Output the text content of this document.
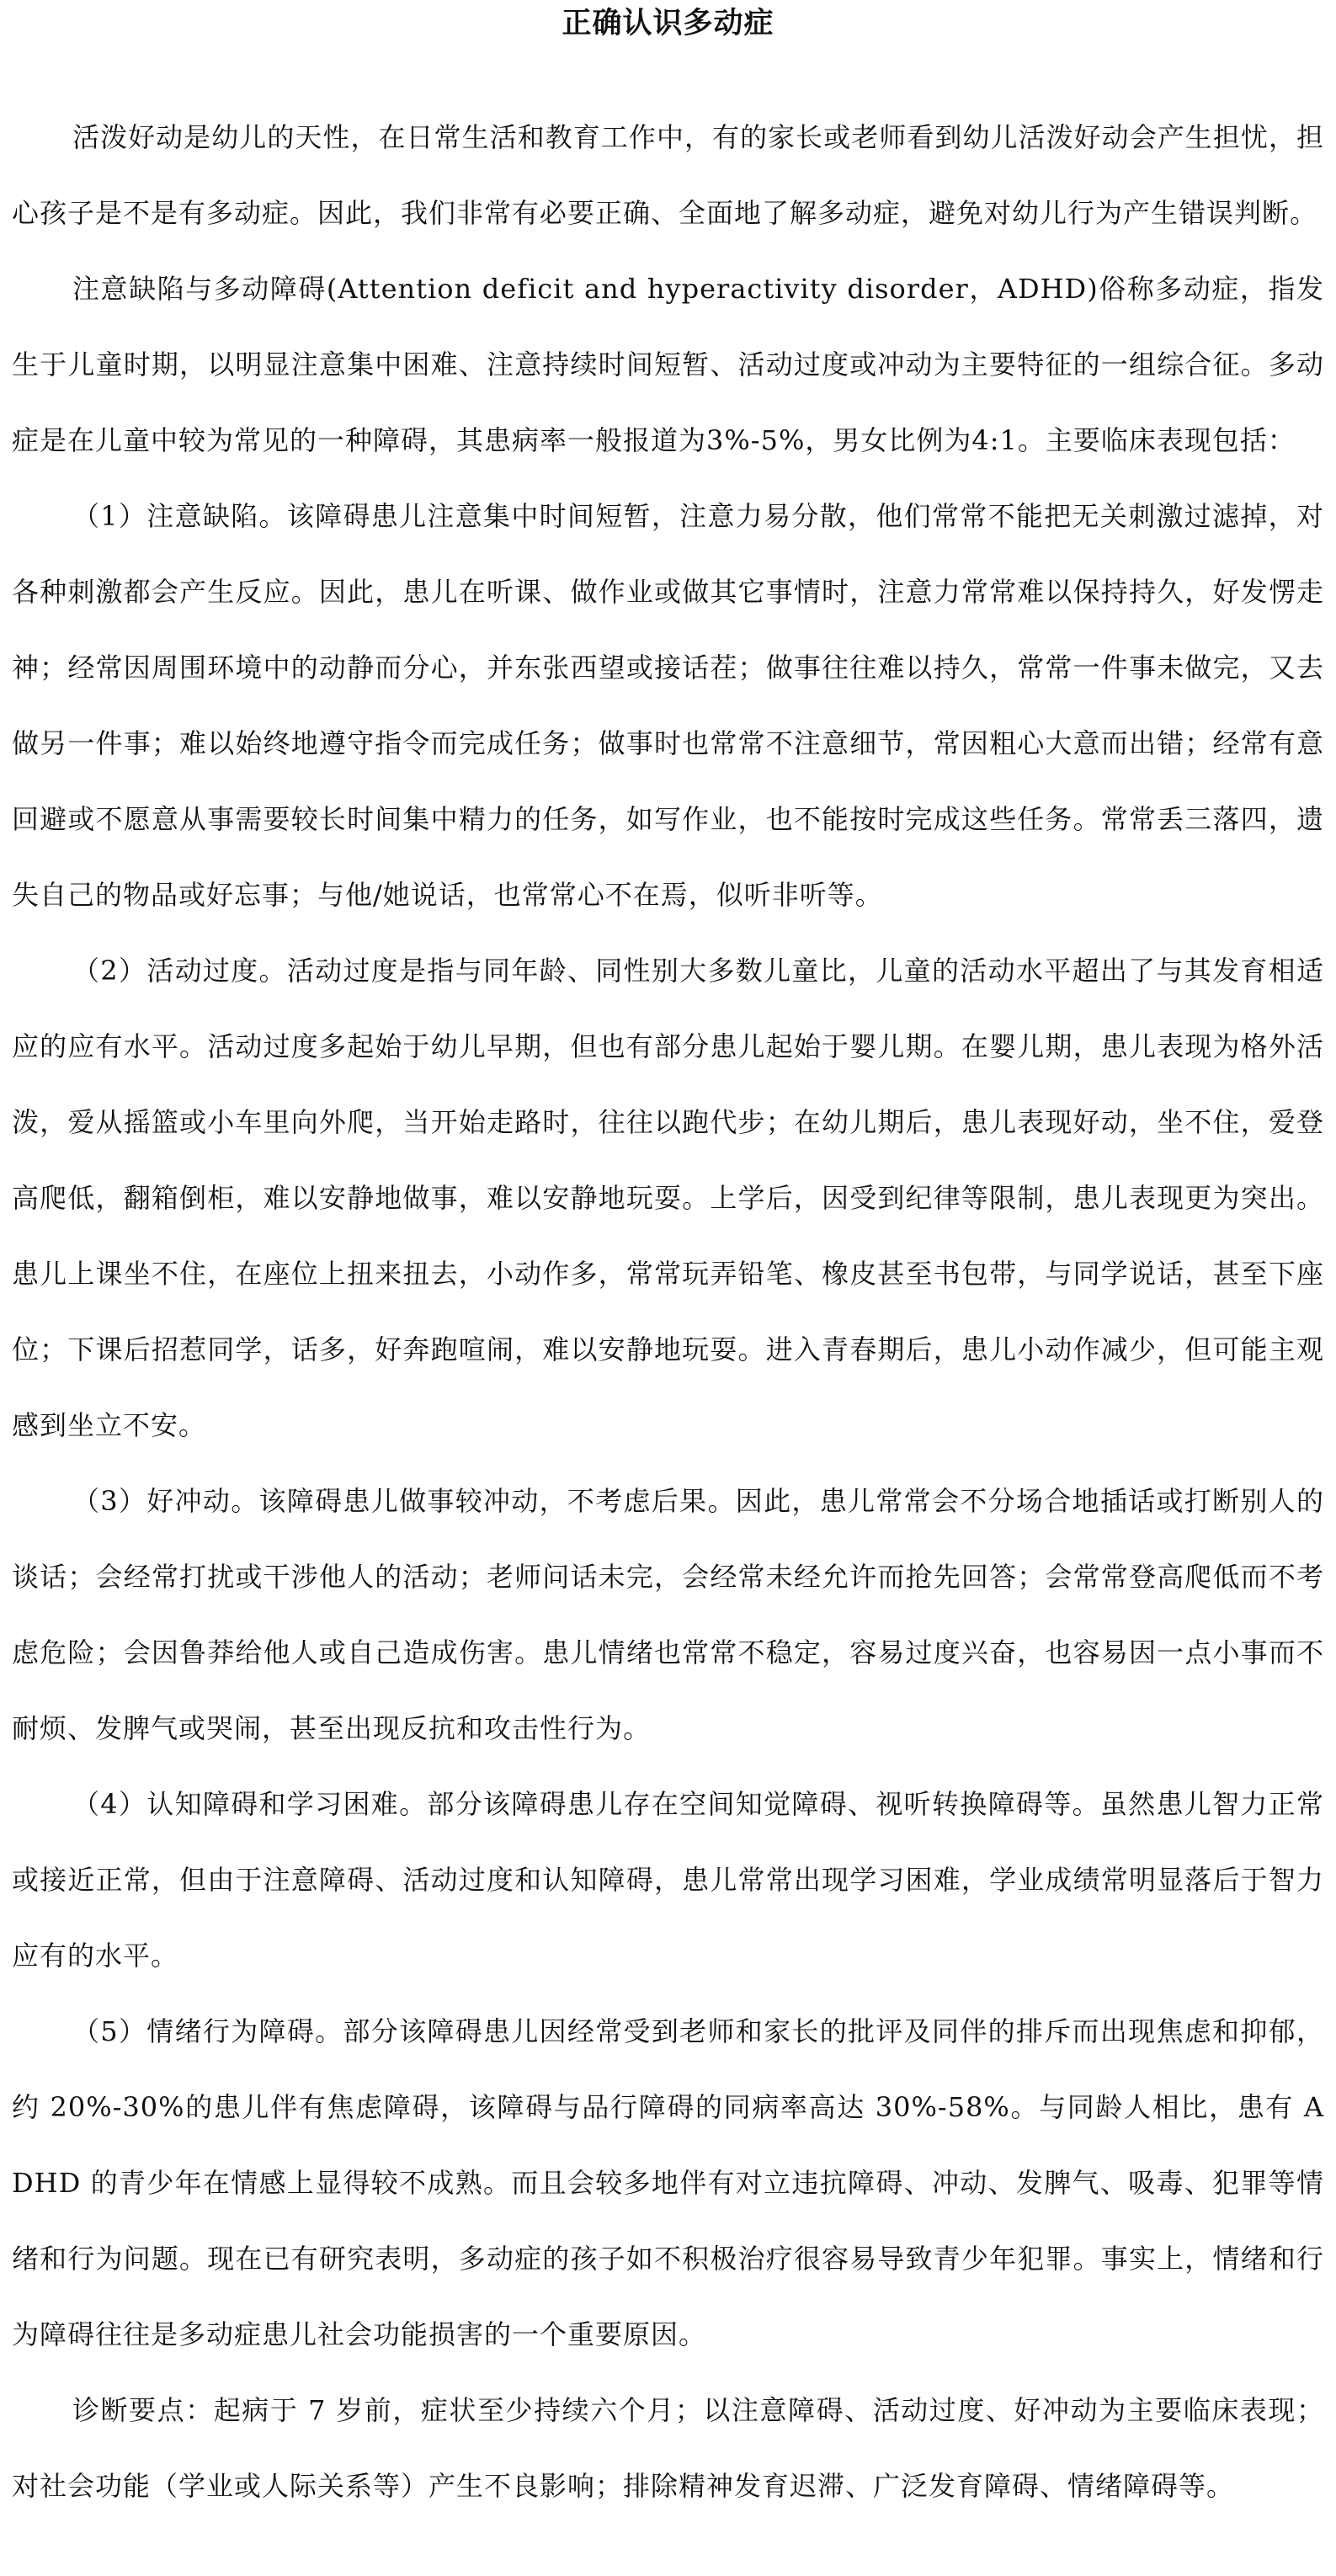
正确认识多动症

活泼好动是幼儿的天性，在日常生活和教育工作中，有的家长或老师看到幼儿活泼好动会产生担忧，担心孩子是不是有多动症。因此，我们非常有必要正确、全面地了解多动症，避免对幼儿行为产生错误判断。

注意缺陷与多动障碍(Attention deficit and hyperactivity disorder，ADHD)俗称多动症，指发生于儿童时期，以明显注意集中困难、注意持续时间短暂、活动过度或冲动为主要特征的一组综合征。多动症是在儿童中较为常见的一种障碍，其患病率一般报道为3%-5%，男女比例为4:1。主要临床表现包括：

（1）注意缺陷。该障碍患儿注意集中时间短暂，注意力易分散，他们常常不能把无关刺激过滤掉，对各种刺激都会产生反应。因此，患儿在听课、做作业或做其它事情时，注意力常常难以保持持久，好发愣走神；经常因周围环境中的动静而分心，并东张西望或接话茬；做事往往难以持久，常常一件事未做完，又去做另一件事；难以始终地遵守指令而完成任务；做事时也常常不注意细节，常因粗心大意而出错；经常有意回避或不愿意从事需要较长时间集中精力的任务，如写作业，也不能按时完成这些任务。常常丢三落四，遗失自己的物品或好忘事；与他/她说话，也常常心不在焉，似听非听等。

（2）活动过度。活动过度是指与同年龄、同性别大多数儿童比，儿童的活动水平超出了与其发育相适应的应有水平。活动过度多起始于幼儿早期，但也有部分患儿起始于婴儿期。在婴儿期，患儿表现为格外活泼，爱从摇篮或小车里向外爬，当开始走路时，往往以跑代步；在幼儿期后，患儿表现好动，坐不住，爱登高爬低，翻箱倒柜，难以安静地做事，难以安静地玩耍。上学后，因受到纪律等限制，患儿表现更为突出。患儿上课坐不住，在座位上扭来扭去，小动作多，常常玩弄铅笔、橡皮甚至书包带，与同学说话，甚至下座位；下课后招惹同学，话多，好奔跑喧闹，难以安静地玩耍。进入青春期后，患儿小动作减少，但可能主观感到坐立不安。

（3）好冲动。该障碍患儿做事较冲动，不考虑后果。因此，患儿常常会不分场合地插话或打断别人的谈话；会经常打扰或干涉他人的活动；老师问话未完，会经常未经允许而抢先回答；会常常登高爬低而不考虑危险；会因鲁莽给他人或自己造成伤害。患儿情绪也常常不稳定，容易过度兴奋，也容易因一点小事而不耐烦、发脾气或哭闹，甚至出现反抗和攻击性行为。

（4）认知障碍和学习困难。部分该障碍患儿存在空间知觉障碍、视听转换障碍等。虽然患儿智力正常或接近正常，但由于注意障碍、活动过度和认知障碍，患儿常常出现学习困难，学业成绩常明显落后于智力应有的水平。

（5）情绪行为障碍。部分该障碍患儿因经常受到老师和家长的批评及同伴的排斥而出现焦虑和抑郁，约 20%-30%的患儿伴有焦虑障碍，该障碍与品行障碍的同病率高达 30%-58%。与同龄人相比，患有 ADHD 的青少年在情感上显得较不成熟。而且会较多地伴有对立违抗障碍、冲动、发脾气、吸毒、犯罪等情绪和行为问题。现在已有研究表明，多动症的孩子如不积极治疗很容易导致青少年犯罪。事实上，情绪和行为障碍往往是多动症患儿社会功能损害的一个重要原因。

诊断要点：起病于 7 岁前，症状至少持续六个月；以注意障碍、活动过度、好冲动为主要临床表现；对社会功能（学业或人际关系等）产生不良影响；排除精神发育迟滞、广泛发育障碍、情绪障碍等。
